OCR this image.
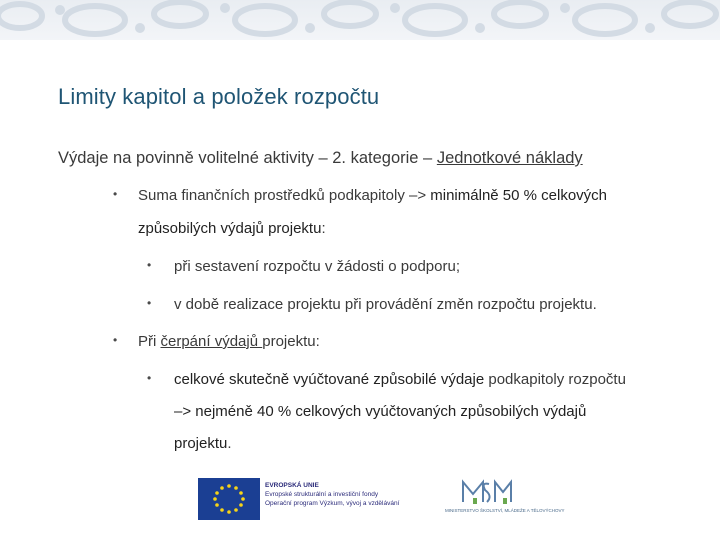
Limity kapitol a položek rozpočtu
Výdaje na povinně volitelné aktivity – 2. kategorie – Jednotkové náklady
• Suma finančních prostředků podkapitoly –> minimálně 50 % celkových
způsobilých výdajů projektu:
• při sestavení rozpočtu v žádosti o podporu;
• v době realizace projektu při provádění změn rozpočtu projektu.
• Při čerpání výdajů projektu:
• celkové skutečně vyúčtované způsobilé výdaje podkapitoly rozpočtu
–> nejméně 40 % celkových vyúčtovaných způsobilých výdajů
projektu.
EVROPSKÁ UNIE
Evropské strukturální a investiční fondy
Operační program Výzkum, vývoj a vzdělávání
MINISTERSTVO ŠKOLSTVÍ, MLÁDEŽE A TĚLOVÝCHOVY
